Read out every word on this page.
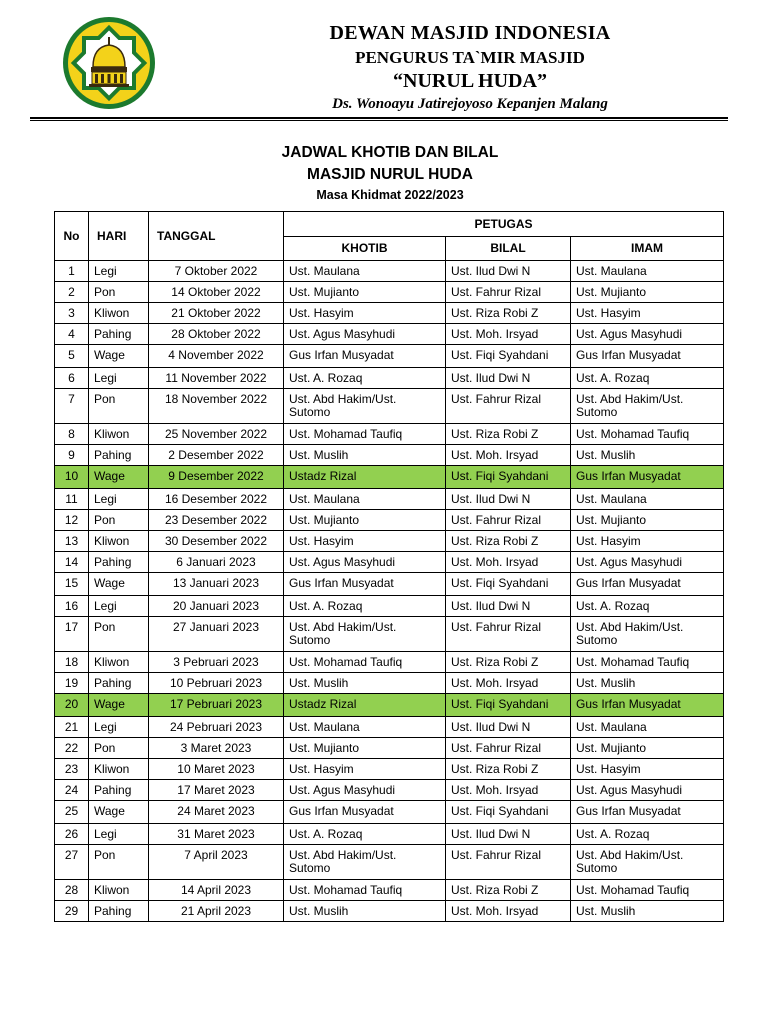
DEWAN MASJID INDONESIA
PENGURUS TA`MIR MASJID
“NURUL HUDA”
Ds. Wonoayu Jatirejoyoso Kepanjen Malang
JADWAL KHOTIB DAN BILAL
MASJID NURUL HUDA
Masa Khidmat 2022/2023
No	HARI	TANGGAL	PETUGAS		
			KHOTIB	BILAL	IMAM
1	Legi	7 Oktober 2022	Ust. Maulana	Ust. Ilud Dwi N	Ust. Maulana
2	Pon	14 Oktober 2022	Ust. Mujianto	Ust. Fahrur Rizal	Ust. Mujianto
3	Kliwon	21 Oktober 2022	Ust. Hasyim	Ust. Riza Robi Z	Ust. Hasyim
4	Pahing	28 Oktober 2022	Ust. Agus Masyhudi	Ust. Moh. Irsyad	Ust. Agus Masyhudi
5	Wage	4 November 2022	Gus Irfan Musyadat	Ust. Fiqi Syahdani	Gus Irfan Musyadat
6	Legi	11 November 2022	Ust. A. Rozaq	Ust. Ilud Dwi N	Ust. A. Rozaq
7	Pon	18 November 2022	Ust. Abd Hakim/Ust. Sutomo	Ust. Fahrur Rizal	Ust. Abd Hakim/Ust. Sutomo
8	Kliwon	25 November 2022	Ust. Mohamad Taufiq	Ust. Riza Robi Z	Ust. Mohamad Taufiq
9	Pahing	2 Desember 2022	Ust. Muslih	Ust. Moh. Irsyad	Ust. Muslih
10	Wage	9 Desember 2022	Ustadz Rizal	Ust. Fiqi Syahdani	Gus Irfan Musyadat
11	Legi	16 Desember 2022	Ust. Maulana	Ust. Ilud Dwi N	Ust. Maulana
12	Pon	23 Desember 2022	Ust. Mujianto	Ust. Fahrur Rizal	Ust. Mujianto
13	Kliwon	30 Desember 2022	Ust. Hasyim	Ust. Riza Robi Z	Ust. Hasyim
14	Pahing	6 Januari 2023	Ust. Agus Masyhudi	Ust. Moh. Irsyad	Ust. Agus Masyhudi
15	Wage	13 Januari 2023	Gus Irfan Musyadat	Ust. Fiqi Syahdani	Gus Irfan Musyadat
16	Legi	20 Januari 2023	Ust. A. Rozaq	Ust. Ilud Dwi N	Ust. A. Rozaq
17	Pon	27 Januari 2023	Ust. Abd Hakim/Ust. Sutomo	Ust. Fahrur Rizal	Ust. Abd Hakim/Ust. Sutomo
18	Kliwon	3 Pebruari 2023	Ust. Mohamad Taufiq	Ust. Riza Robi Z	Ust. Mohamad Taufiq
19	Pahing	10 Pebruari 2023	Ust. Muslih	Ust. Moh. Irsyad	Ust. Muslih
20	Wage	17 Pebruari 2023	Ustadz Rizal	Ust. Fiqi Syahdani	Gus Irfan Musyadat
21	Legi	24 Pebruari 2023	Ust. Maulana	Ust. Ilud Dwi N	Ust. Maulana
22	Pon	3 Maret 2023	Ust. Mujianto	Ust. Fahrur Rizal	Ust. Mujianto
23	Kliwon	10 Maret 2023	Ust. Hasyim	Ust. Riza Robi Z	Ust. Hasyim
24	Pahing	17 Maret 2023	Ust. Agus Masyhudi	Ust. Moh. Irsyad	Ust. Agus Masyhudi
25	Wage	24 Maret 2023	Gus Irfan Musyadat	Ust. Fiqi Syahdani	Gus Irfan Musyadat
26	Legi	31 Maret 2023	Ust. A. Rozaq	Ust. Ilud Dwi N	Ust. A. Rozaq
27	Pon	7 April 2023	Ust. Abd Hakim/Ust. Sutomo	Ust. Fahrur Rizal	Ust. Abd Hakim/Ust. Sutomo
28	Kliwon	14 April 2023	Ust. Mohamad Taufiq	Ust. Riza Robi Z	Ust. Mohamad Taufiq
29	Pahing	21 April 2023	Ust. Muslih	Ust. Moh. Irsyad	Ust. Muslih
